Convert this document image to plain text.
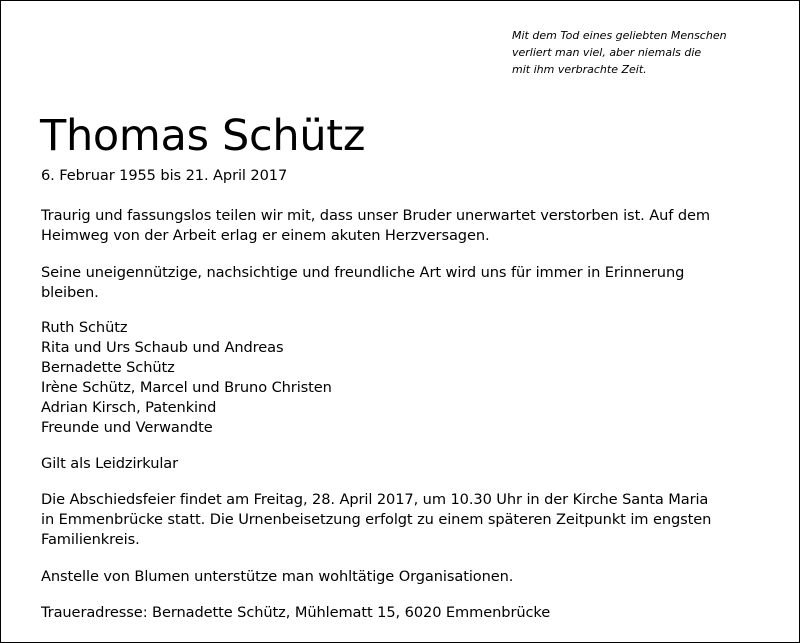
Mit dem Tod eines geliebten Menschen
verliert man viel, aber niemals die
mit ihm verbrachte Zeit.
Thomas Schütz
6. Februar 1955 bis 21. April 2017
Traurig und fassungslos teilen wir mit, dass unser Bruder unerwartet verstorben ist. Auf dem
Heimweg von der Arbeit erlag er einem akuten Herzversagen.
Seine uneigennützige, nachsichtige und freundliche Art wird uns für immer in Erinnerung
bleiben.
Ruth Schütz
Rita und Urs Schaub und Andreas
Bernadette Schütz
Irène Schütz, Marcel und Bruno Christen
Adrian Kirsch, Patenkind
Freunde und Verwandte
Gilt als Leidzirkular
Die Abschiedsfeier findet am Freitag, 28. April 2017, um 10.30 Uhr in der Kirche Santa Maria
in Emmenbrücke statt. Die Urnenbeisetzung erfolgt zu einem späteren Zeitpunkt im engsten
Familienkreis.
Anstelle von Blumen unterstütze man wohltätige Organisationen.
Traueradresse: Bernadette Schütz, Mühlematt 15, 6020 Emmenbrücke
